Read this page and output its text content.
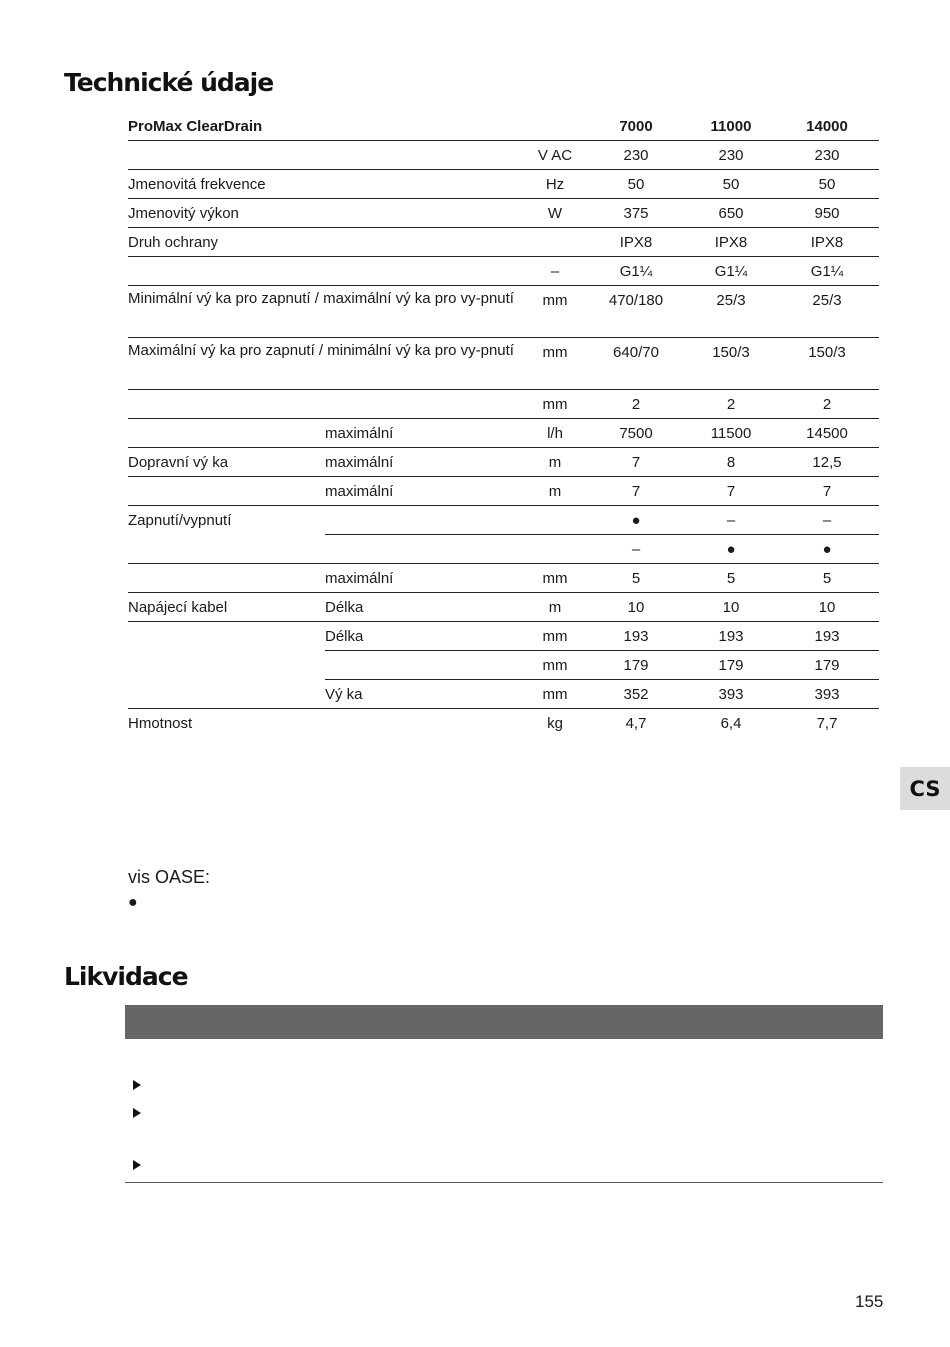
Technické údaje
ProMax ClearDrain			7000	11000	14000
		V AC	230	230	230
Jmenovitá frekvence		Hz	50	50	50
Jmenovitý výkon		W	375	650	950
Druh ochrany			IPX8	IPX8	IPX8
		–	G1¼	G1¼	G1¼
Minimální vý ka pro zapnutí / maximální vý ka pro vy-pnutí		mm	470/180	25/3	25/3
Maximální vý ka pro zapnutí / minimální vý ka pro vy-pnutí		mm	640/70	150/3	150/3
		mm	2	2	2
	maximální	l/h	7500	11500	14500
Dopravní vý ka	maximální	m	7	8	12,5
	maximální	m	7	7	7
Zapnutí/vypnutí			●	–	–
			–	●	●
	maximální	mm	5	5	5
Napájecí kabel	Délka	m	10	10	10
	Délka	mm	193	193	193
		mm	179	179	179
	Vý ka	mm	352	393	393
Hmotnost		kg	4,7	6,4	7,7
CS
vis OASE:
●
Likvidace
155
